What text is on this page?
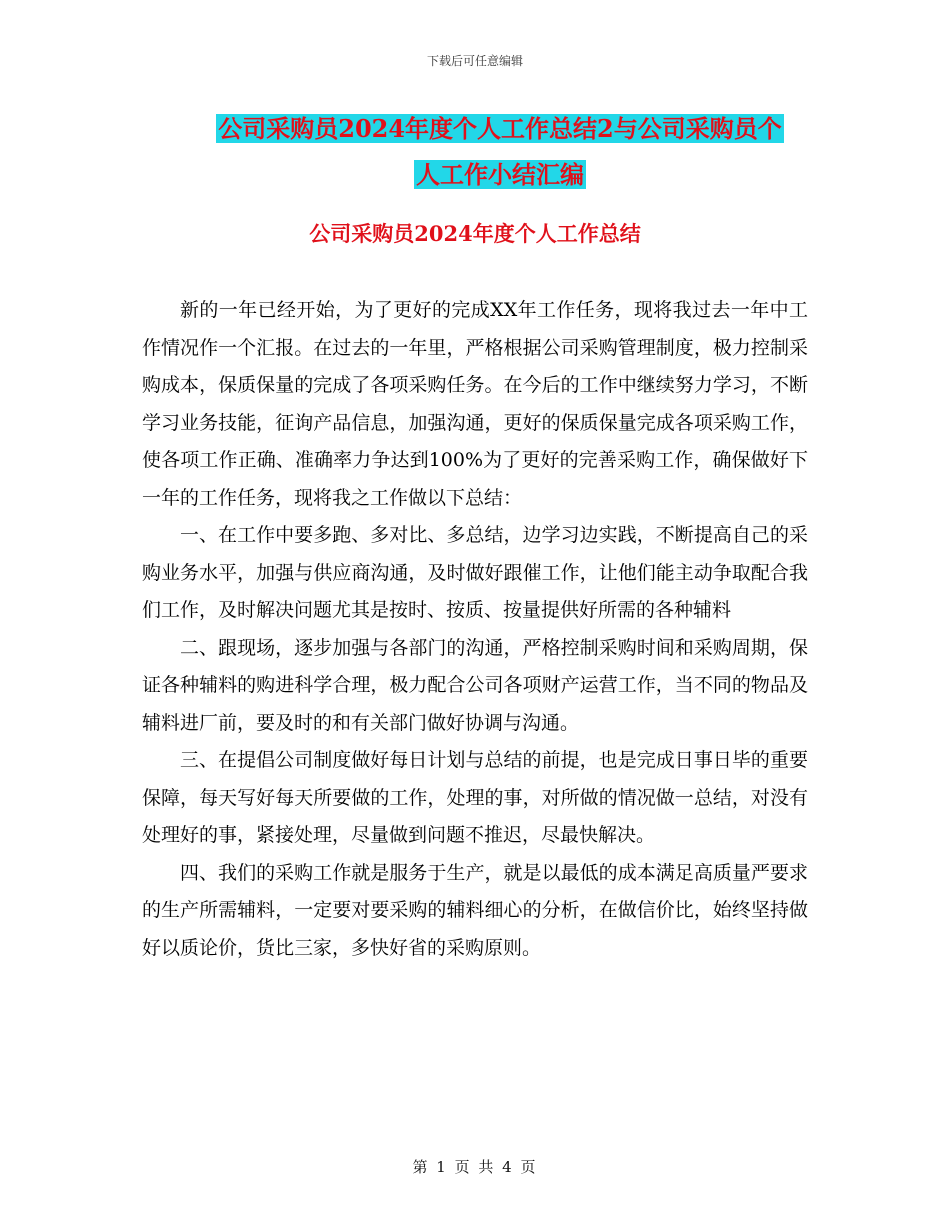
下载后可任意编辑
公司采购员2024年度个人工作总结2与公司采购员个
人工作小结汇编
公司采购员2024年度个人工作总结

新的一年已经开始，为了更好的完成XX年工作任务，现将我过去一年中工作情况作一个汇报。在过去的一年里，严格根据公司采购管理制度，极力控制采购成本，保质保量的完成了各项采购任务。在今后的工作中继续努力学习，不断学习业务技能，征询产品信息，加强沟通，更好的保质保量完成各项采购工作，使各项工作正确、准确率力争达到100%为了更好的完善采购工作，确保做好下一年的工作任务，现将我之工作做以下总结：

一、在工作中要多跑、多对比、多总结，边学习边实践，不断提高自己的采购业务水平，加强与供应商沟通，及时做好跟催工作，让他们能主动争取配合我们工作，及时解决问题尤其是按时、按质、按量提供好所需的各种辅料

二、跟现场，逐步加强与各部门的沟通，严格控制采购时间和采购周期，保证各种辅料的购进科学合理，极力配合公司各项财产运营工作，当不同的物品及辅料进厂前，要及时的和有关部门做好协调与沟通。

三、在提倡公司制度做好每日计划与总结的前提，也是完成日事日毕的重要保障，每天写好每天所要做的工作，处理的事，对所做的情况做一总结，对没有处理好的事，紧接处理，尽量做到问题不推迟，尽最快解决。

四、我们的采购工作就是服务于生产，就是以最低的成本满足高质量严要求的生产所需辅料，一定要对要采购的辅料细心的分析，在做信价比，始终坚持做好以质论价，货比三家，多快好省的采购原则。

第 1 页 共 4 页
